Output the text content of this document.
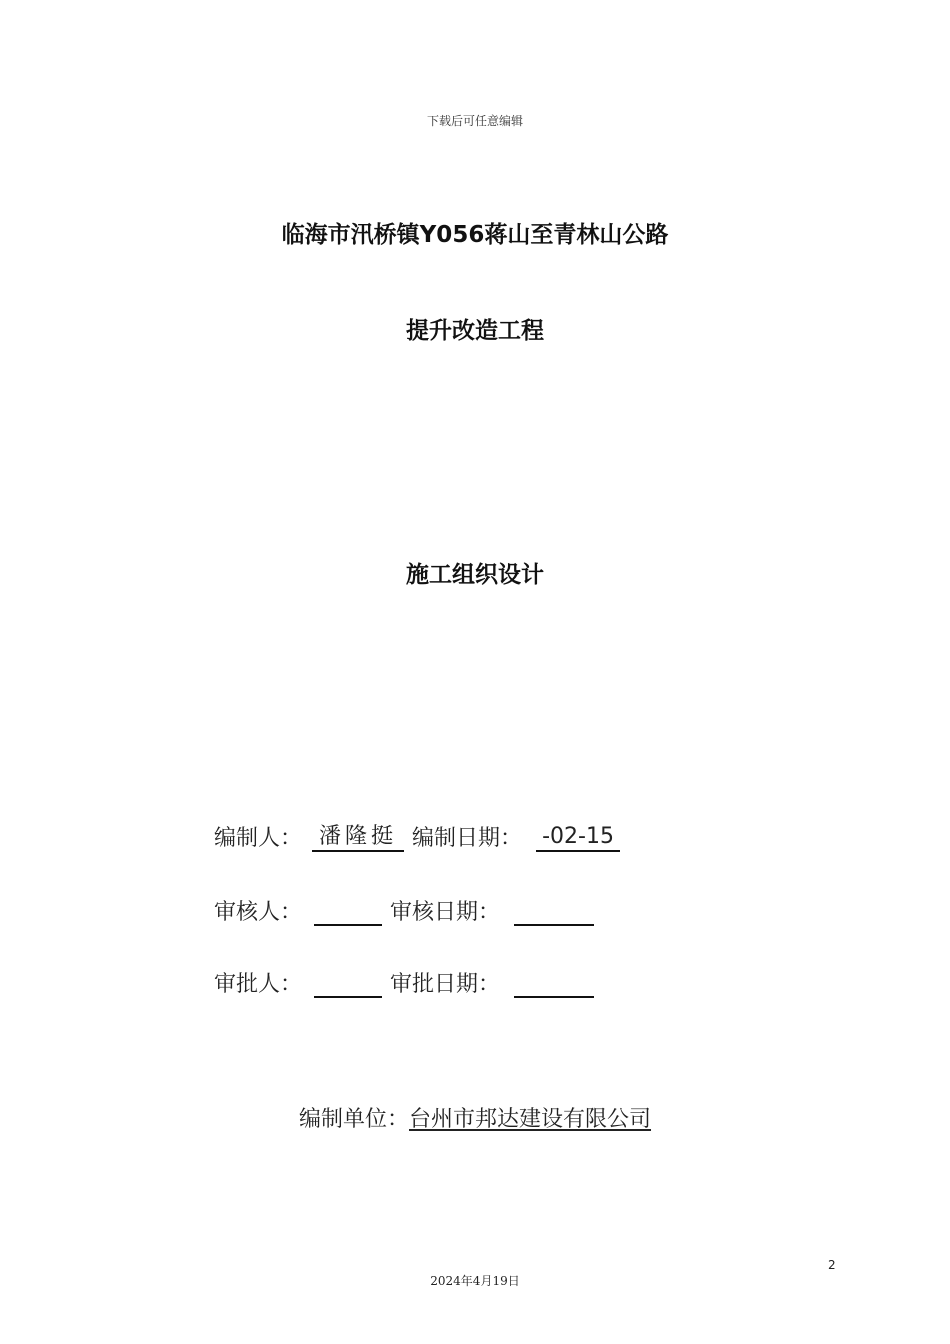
下载后可任意编辑
临海市汛桥镇Y056蒋山至青林山公路
提升改造工程
施工组织设计
编制人： 潘隆挺 编制日期： -02-15
审核人：	审核日期：
审批人：	审批日期：
编制单位：台州市邦达建设有限公司
2
2024年4月19日
